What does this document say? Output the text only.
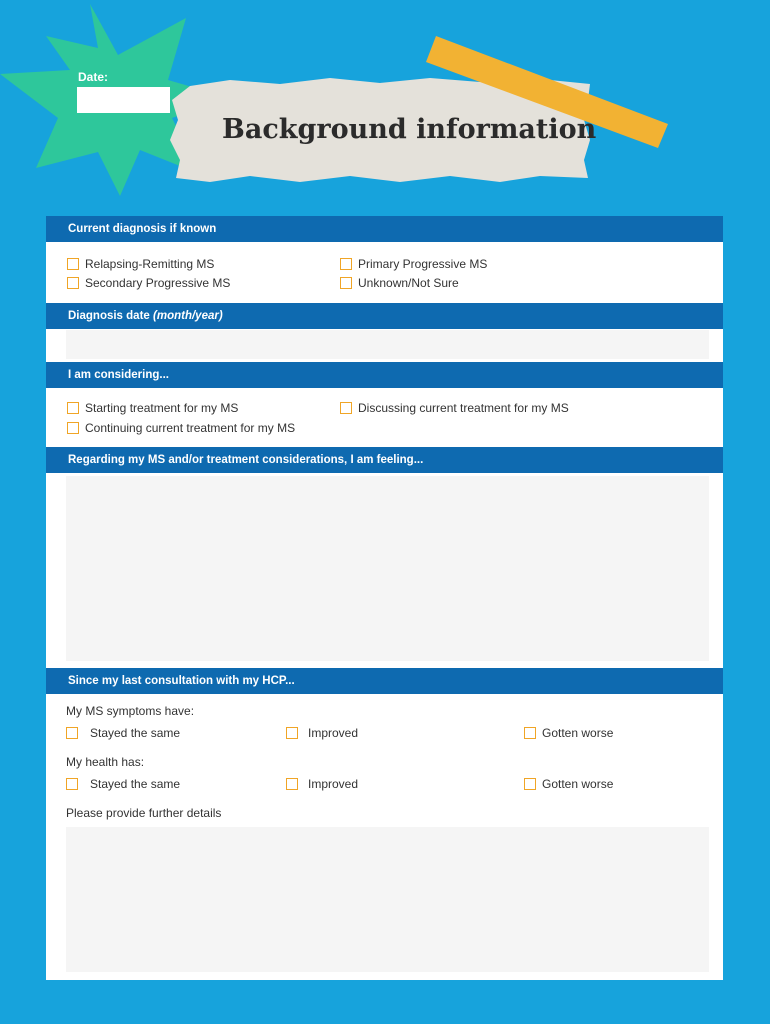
Date:
Background information
Current diagnosis if known
Relapsing-Remitting MS	Primary Progressive MS
Secondary Progressive MS	Unknown/Not Sure
Diagnosis date (month/year)
I am considering...
Starting treatment for my MS	Discussing current treatment for my MS
Continuing current treatment for my MS
Regarding my MS and/or treatment considerations, I am feeling...
Since my last consultation with my HCP...
My MS symptoms have:
Stayed the same	Improved	Gotten worse
My health has:
Stayed the same	Improved	Gotten worse
Please provide further details
